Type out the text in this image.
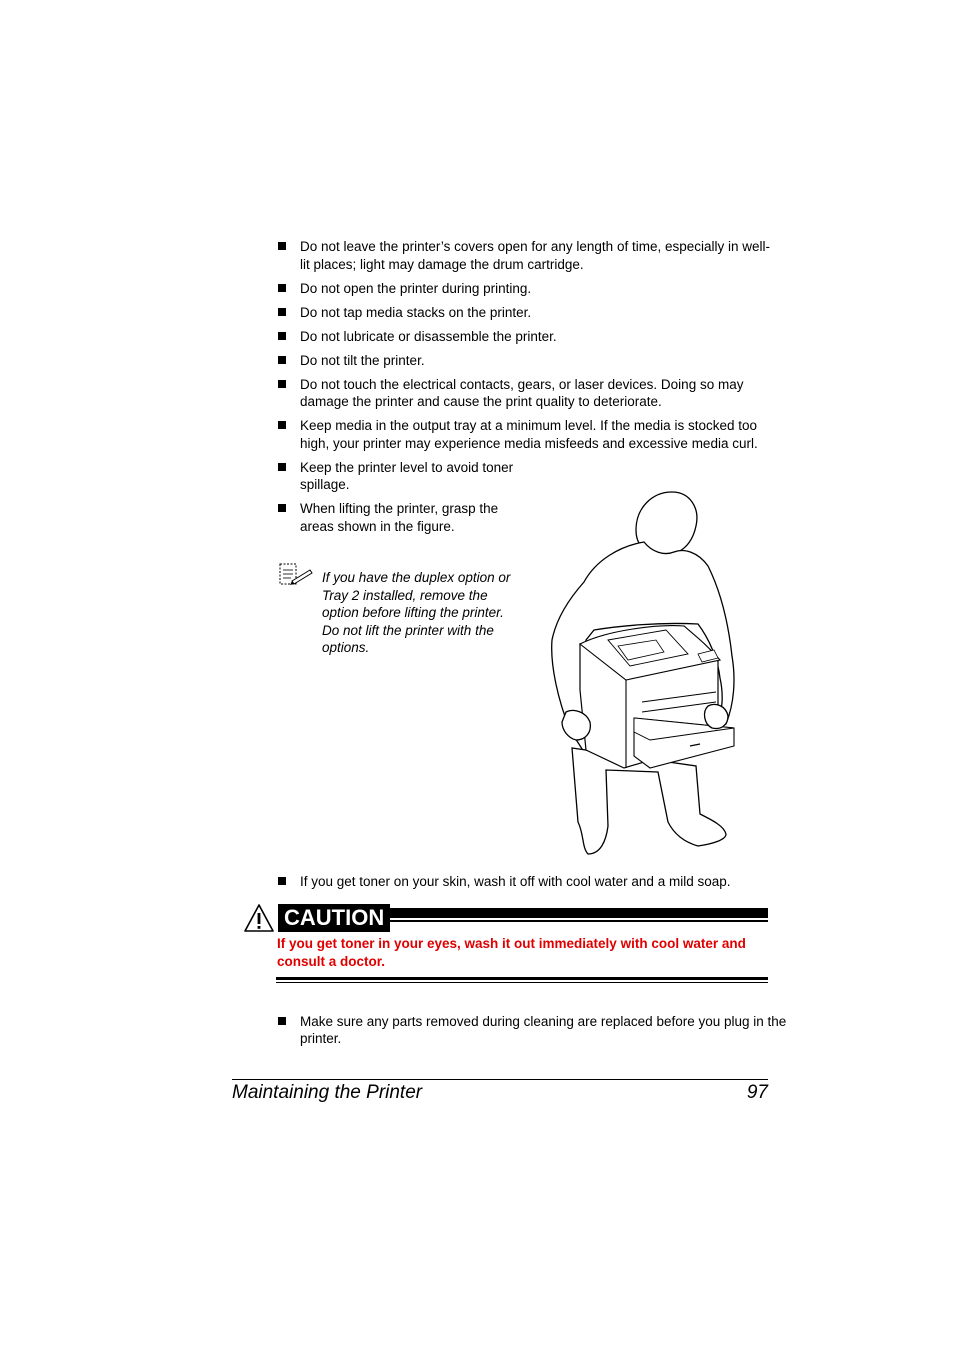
Do not leave the printer’s covers open for any length of time, especially in well-lit places; light may damage the drum cartridge.
Do not open the printer during printing.
Do not tap media stacks on the printer.
Do not lubricate or disassemble the printer.
Do not tilt the printer.
Do not touch the electrical contacts, gears, or laser devices. Doing so may damage the printer and cause the print quality to deteriorate.
Keep media in the output tray at a minimum level. If the media is stocked too high, your printer may experience media misfeeds and excessive media curl.
Keep the printer level to avoid toner spillage.
When lifting the printer, grasp the areas shown in the figure.

If you have the duplex option or Tray 2 installed, remove the option before lifting the printer. Do not lift the printer with the options.

If you get toner on your skin, wash it off with cool water and a mild soap.
CAUTION

If you get toner in your eyes, wash it out immediately with cool water and consult a doctor.

Make sure any parts removed during cleaning are replaced before you plug in the printer.
Maintaining the Printer	97
